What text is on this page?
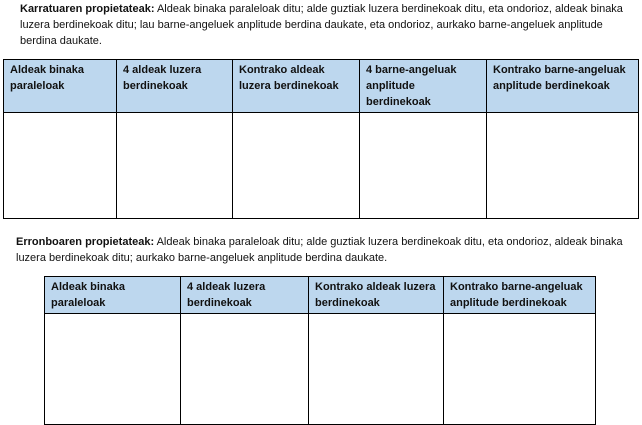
Karratuaren propietateak: Aldeak binaka paraleloak ditu; alde guztiak luzera berdinekoak ditu, eta ondorioz, aldeak binaka luzera berdinekoak ditu; lau barne-angeluek anplitude berdina daukate, eta ondorioz, aurkako barne-angeluek anplitude berdina daukate.

Aldeak binaka paraleloak	4 aldeak luzera berdinekoak	Kontrako aldeak luzera berdinekoak	4 barne-angeluak anplitude berdinekoak	Kontrako barne-angeluak anplitude berdinekoak

Erronboaren propietateak: Aldeak binaka paraleloak ditu; alde guztiak luzera berdinekoak ditu, eta ondorioz, aldeak binaka luzera berdinekoak ditu; aurkako barne-angeluek anplitude berdina daukate.

Aldeak binaka paraleloak	4 aldeak luzera berdinekoak	Kontrako aldeak luzera berdinekoak	Kontrako barne-angeluak anplitude berdinekoak
